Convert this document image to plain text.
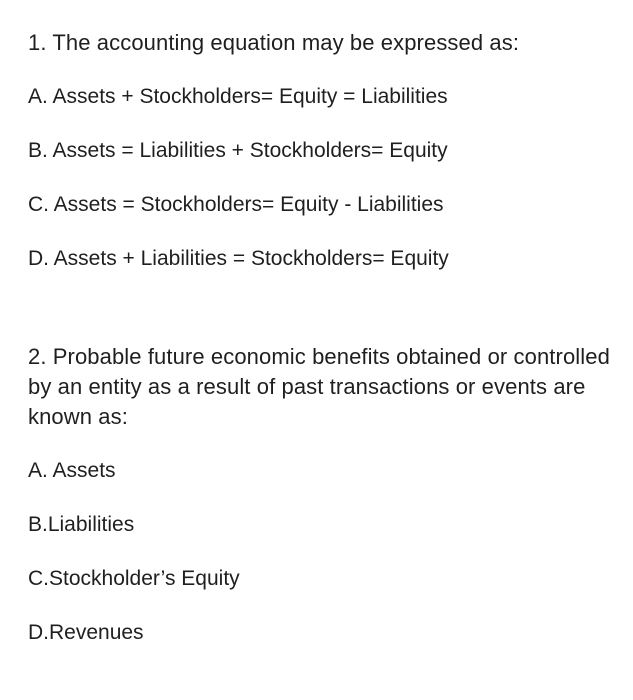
1. The accounting equation may be expressed as:

A. Assets + Stockholders= Equity = Liabilities
B. Assets = Liabilities + Stockholders= Equity
C. Assets = Stockholders= Equity - Liabilities
D. Assets + Liabilities = Stockholders= Equity

2. Probable future economic benefits obtained or controlled by an entity as a result of past transactions or events are known as:

A. Assets
B.Liabilities
C.Stockholder’s Equity
D.Revenues
